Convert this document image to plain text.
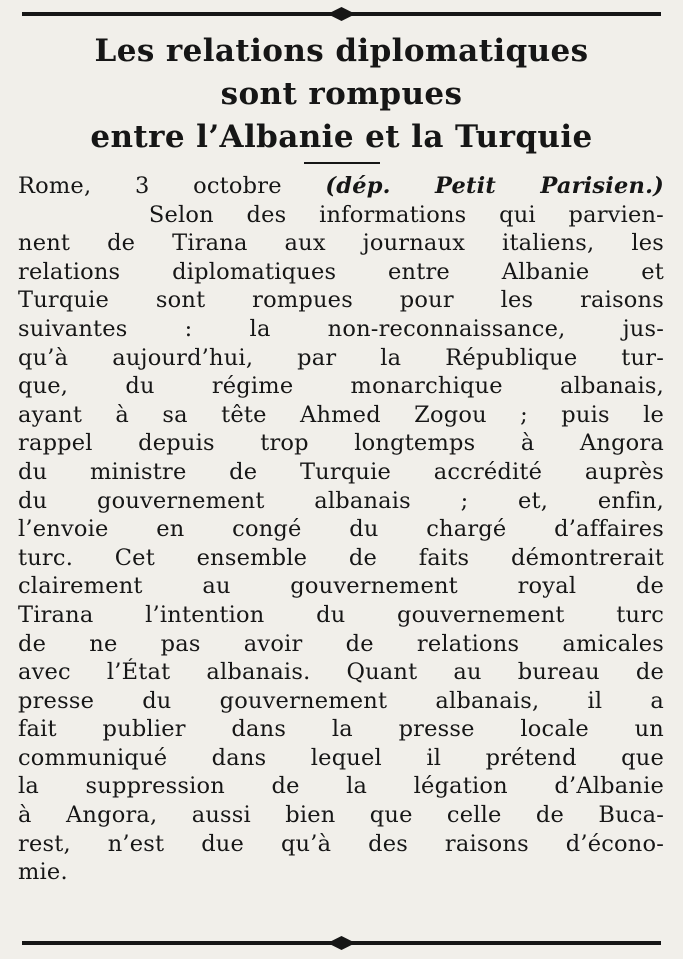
Les relations diplomatiques
sont rompues
entre l’Albanie et la Turquie
Rome, 3 octobre (dép. Petit Parisien.)
Selon des informations qui parvien-
nent de Tirana aux journaux italiens, les
relations diplomatiques entre Albanie et
Turquie sont rompues pour les raisons
suivantes : la non-reconnaissance, jus-
qu’à aujourd’hui, par la République tur-
que, du régime monarchique albanais,
ayant à sa tête Ahmed Zogou ; puis le
rappel depuis trop longtemps à Angora
du ministre de Turquie accrédité auprès
du gouvernement albanais ; et, enfin,
l’envoie en congé du chargé d’affaires
turc. Cet ensemble de faits démontrerait
clairement au gouvernement royal de
Tirana l’intention du gouvernement turc
de ne pas avoir de relations amicales
avec l’État albanais. Quant au bureau de
presse du gouvernement albanais, il a
fait publier dans la presse locale un
communiqué dans lequel il prétend que
la suppression de la légation d’Albanie
à Angora, aussi bien que celle de Buca-
rest, n’est due qu’à des raisons d’écono-
mie.
